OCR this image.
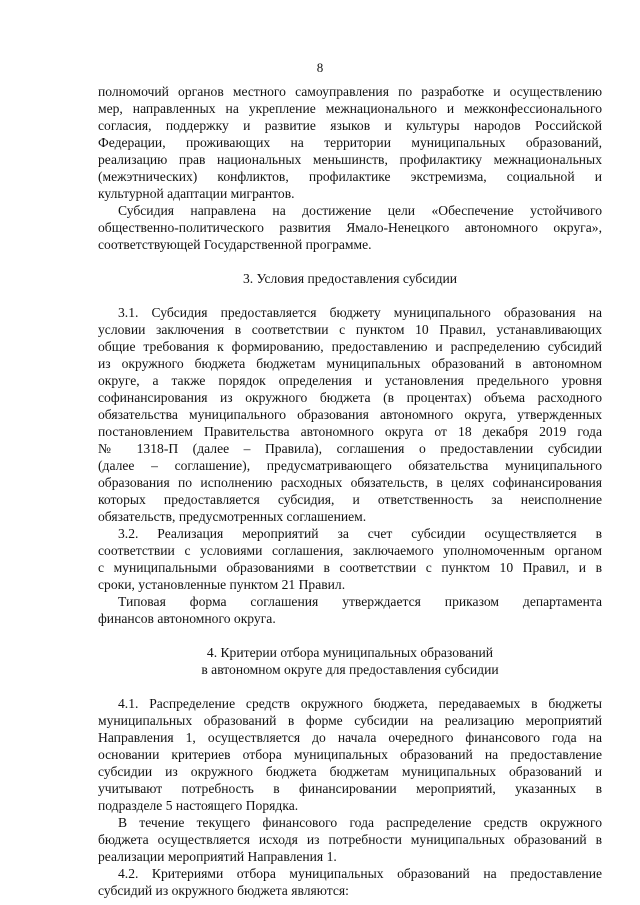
8
полномочий органов местного самоуправления по разработке и осуществлению
мер, направленных на укрепление межнационального и межконфессионального
согласия, поддержку и развитие языков и культуры народов Российской
Федерации, проживающих на территории муниципальных образований,
реализацию прав национальных меньшинств, профилактику межнациональных
(межэтнических) конфликтов, профилактике экстремизма, социальной и
культурной адаптации мигрантов.
Субсидия направлена на достижение цели «Обеспечение устойчивого
общественно-политического развития Ямало-Ненецкого автономного округа»,
соответствующей Государственной программе.
3. Условия предоставления субсидии
3.1. Субсидия предоставляется бюджету муниципального образования на
условии заключения в соответствии с пунктом 10 Правил, устанавливающих
общие требования к формированию, предоставлению и распределению субсидий
из окружного бюджета бюджетам муниципальных образований в автономном
округе, а также порядок определения и установления предельного уровня
софинансирования из окружного бюджета (в процентах) объема расходного
обязательства муниципального образования автономного округа, утвержденных
постановлением Правительства автономного округа от 18 декабря 2019 года
№ 1318-П (далее – Правила), соглашения о предоставлении субсидии
(далее – соглашение), предусматривающего обязательства муниципального
образования по исполнению расходных обязательств, в целях софинансирования
которых предоставляется субсидия, и ответственность за неисполнение
обязательств, предусмотренных соглашением.
3.2. Реализация мероприятий за счет субсидии осуществляется в
соответствии с условиями соглашения, заключаемого уполномоченным органом
с муниципальными образованиями в соответствии с пунктом 10 Правил, и в
сроки, установленные пунктом 21 Правил.
Типовая форма соглашения утверждается приказом департамента
финансов автономного округа.
4. Критерии отбора муниципальных образований
в автономном округе для предоставления субсидии
4.1. Распределение средств окружного бюджета, передаваемых в бюджеты
муниципальных образований в форме субсидии на реализацию мероприятий
Направления 1, осуществляется до начала очередного финансового года на
основании критериев отбора муниципальных образований на предоставление
субсидии из окружного бюджета бюджетам муниципальных образований и
учитывают потребность в финансировании мероприятий, указанных в
подразделе 5 настоящего Порядка.
В течение текущего финансового года распределение средств окружного
бюджета осуществляется исходя из потребности муниципальных образований в
реализации мероприятий Направления 1.
4.2. Критериями отбора муниципальных образований на предоставление
субсидий из окружного бюджета являются:
